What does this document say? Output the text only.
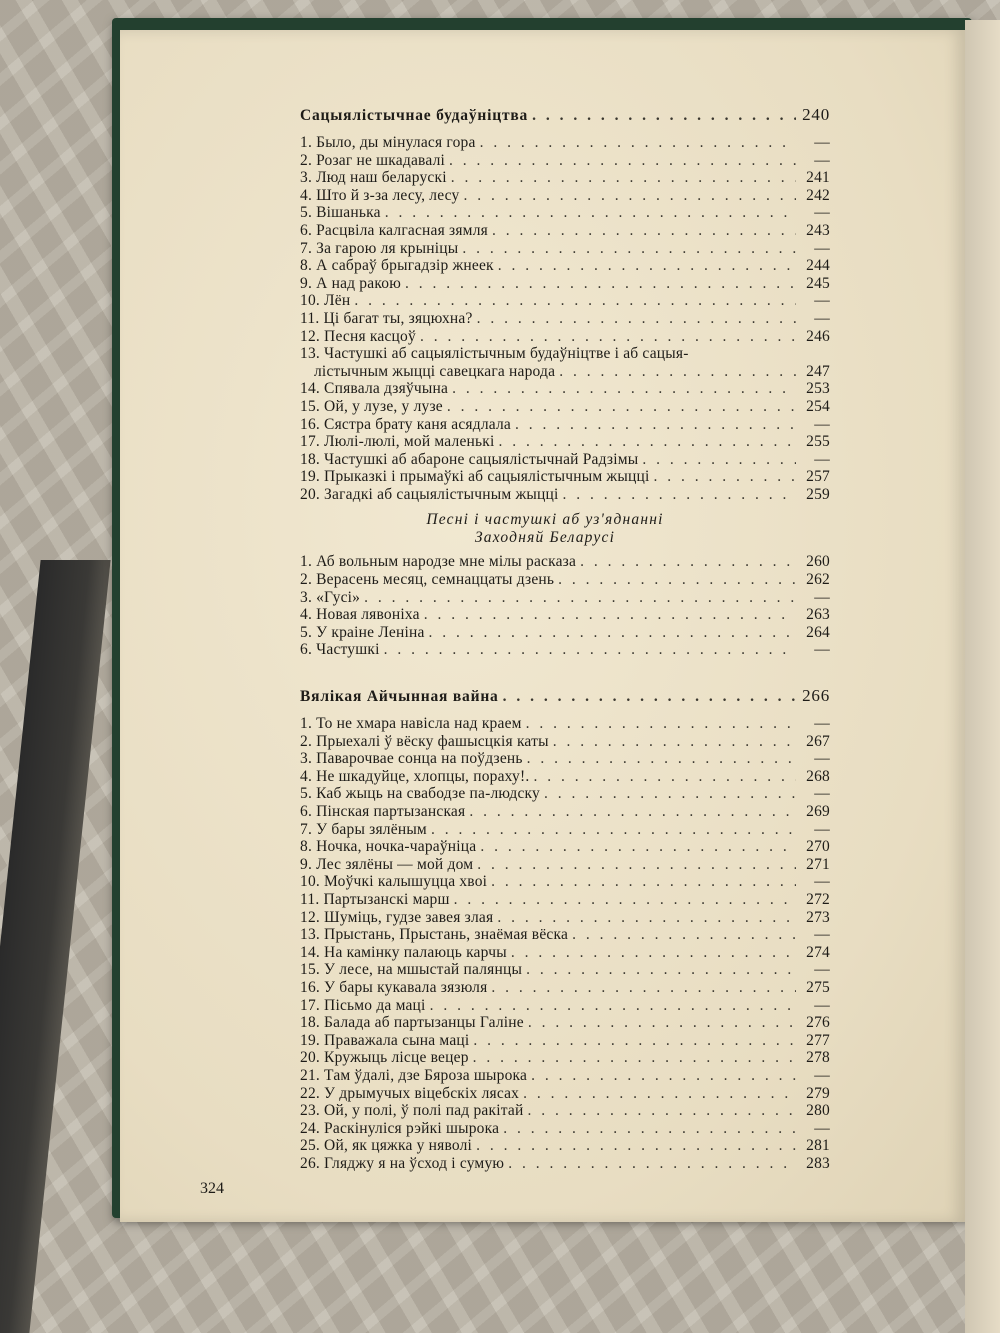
Сацыялістычнае будаўніцтва . . .	240
1. Было, ды мінулася гора . . .	—
2. Розаг не шкадавалі . . .	—
3. Люд наш беларускі . . .	241
4. Што й з-за лесу, лесу . . .	242
5. Вішанька . . .	—
6. Расцвіла калгасная зямля . . .	243
7. За гарою ля крыніцы . . .	—
8. А сабраў брыгадзір жнеек . . .	244
9. А над ракою . . .	245
10. Лён . . .	—
11. Ці багат ты, зяцюхна? . . .	—
12. Песня касцоў . . .	246
13. Частушкі аб сацыялістычным будаўніцтве і аб сацыя-
лістычным жыцці савецкага народа . . .	247
14. Спявала дзяўчына . . .	253
15. Ой, у лузе, у лузе . . .	254
16. Сястра брату каня асядлала . . .	—
17. Люлі-люлі, мой маленькі . . .	255
18. Частушкі аб абароне сацыялістычнай Радзімы . . .	—
19. Прыказкі і прымаўкі аб сацыялістычным жыцці . . .	257
20. Загадкі аб сацыялістычным жыцці . . .	259
Песні і частушкі аб уз'яднанні
Заходняй Беларусі
1. Аб вольным народзе мне мілы расказа . . .	260
2. Верасень месяц, семнаццаты дзень . . .	262
3. «Гусі» . . .	—
4. Новая лявоніха . . .	263
5. У краіне Леніна . . .	264
6. Частушкі . . .	—
Вялікая Айчынная вайна . . .	266
1. То не хмара навісла над краем . . .	—
2. Прыехалі ў вёску фашысцкія каты . . .	267
3. Паварочвае сонца на поўдзень . . .	—
4. Не шкадуйце, хлопцы, пораху!. . . .	268
5. Каб жыць на свабодзе па-людску . . .	—
6. Пінская партызанская . . .	269
7. У бары зялёным . . .	—
8. Ночка, ночка-чараўніца . . .	270
9. Лес зялёны — мой дом . . .	271
10. Моўчкі калышуцца хвоі . . .	—
11. Партызанскі марш . . .	272
12. Шуміць, гудзе завея злая . . .	273
13. Прыстань, Прыстань, знаёмая вёска . . .	—
14. На камінку палаюць карчы . . .	274
15. У лесе, на мшыстай палянцы . . .	—
16. У бары кукавала зязюля . . .	275
17. Пісьмо да маці . . .	—
18. Балада аб партызанцы Галіне . . .	276
19. Праважала сына маці . . .	277
20. Кружыць лісце вецер . . .	278
21. Там ўдалі, дзе Бяроза шырока . . .	—
22. У дрымучых віцебскіх лясах . . .	279
23. Ой, у полі, ў полі пад ракітай . . .	280
24. Раскінуліся рэйкі шырока . . .	—
25. Ой, як цяжка у няволі . . .	281
26. Гляджу я на ўсход і сумую . . .	283
324
